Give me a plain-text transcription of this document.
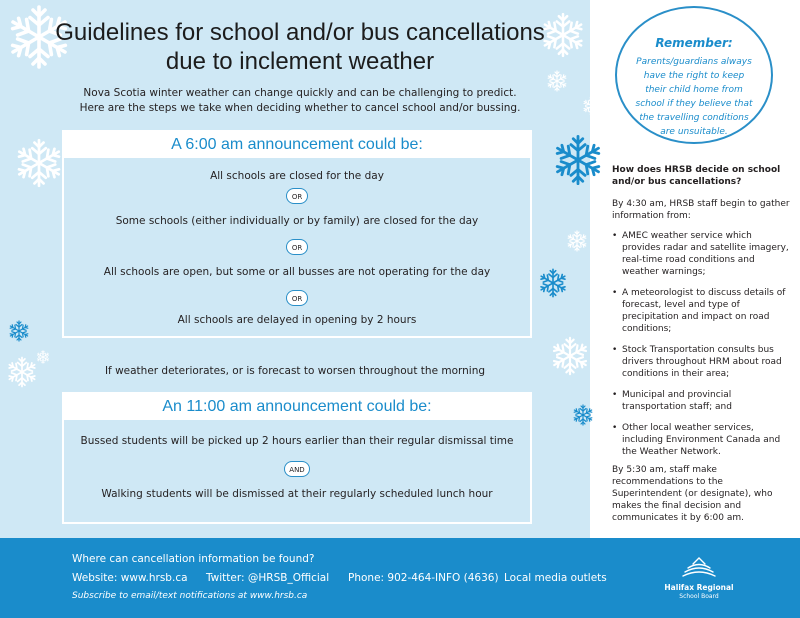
Guidelines for school and/or bus cancellations
due to inclement weather
Nova Scotia winter weather can change quickly and can be challenging to predict.
Here are the steps we take when deciding whether to cancel school and/or bussing.
A 6:00 am announcement could be:
All schools are closed for the day
OR
Some schools (either individually or by family) are closed for the day
OR
All schools are open, but some or all busses are not operating for the day
OR
All schools are delayed in opening by 2 hours
If weather deteriorates, or is forecast to worsen throughout the morning
An 11:00 am announcement could be:
Bussed students will be picked up 2 hours earlier than their regular dismissal time
AND
Walking students will be dismissed at their regularly scheduled lunch hour
Remember:
Parents/guardians always
have the right to keep
their child home from
school if they believe that
the travelling conditions
are unsuitable.
How does HRSB decide on school and/or bus cancellations?
By 4:30 am, HRSB staff begin to gather information from:
• AMEC weather service which provides radar and satellite imagery, real-time road conditions and weather warnings;
• A meteorologist to discuss details of forecast, level and type of precipitation and impact on road conditions;
• Stock Transportation consults bus drivers throughout HRM about road conditions in their area;
• Municipal and provincial transportation staff; and
• Other local weather services, including Environment Canada and the Weather Network.
By 5:30 am, staff make recommendations to the Superintendent (or designate), who makes the final decision and communicates it by 6:00 am.
Where can cancellation information be found?
Website: www.hrsb.ca Twitter: @HRSB_Official Phone: 902-464-INFO (4636) Local media outlets
Subscribe to email/text notifications at www.hrsb.ca
Halifax Regional
School Board
